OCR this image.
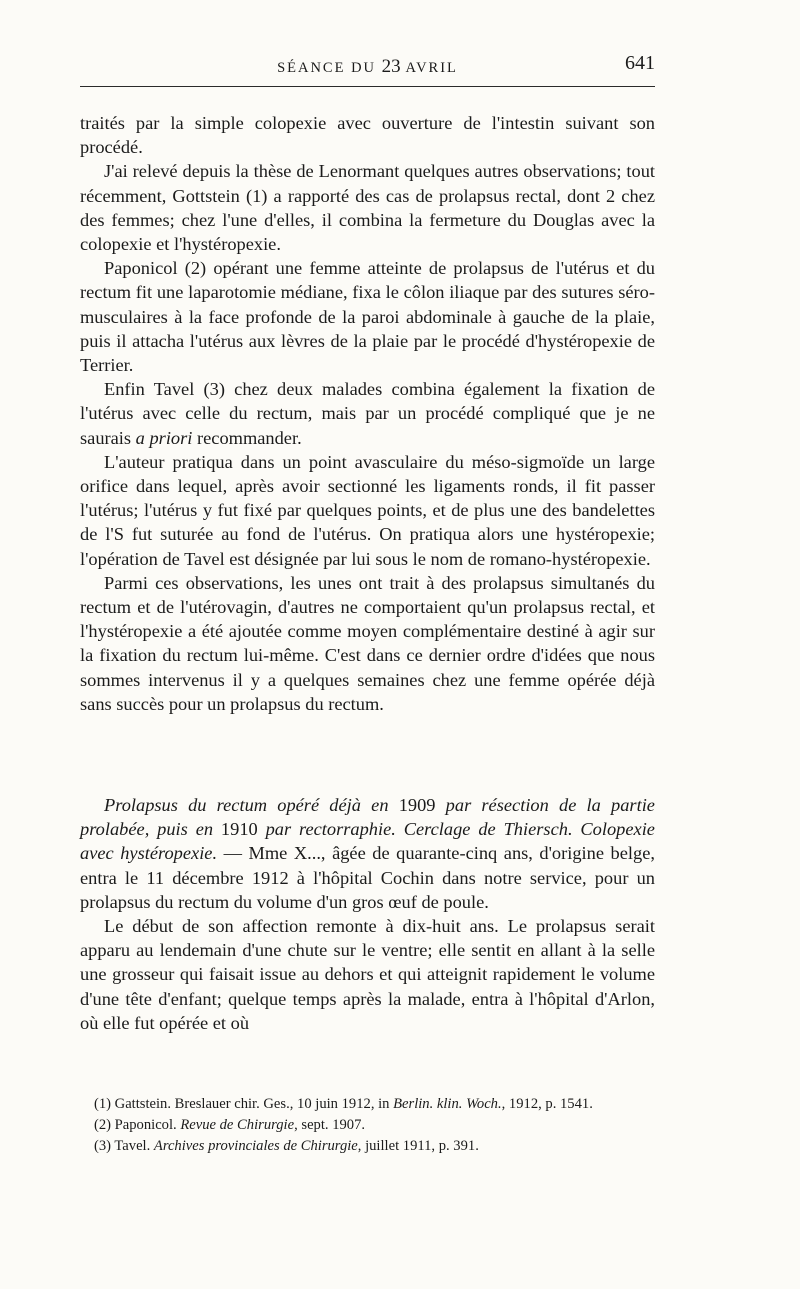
SÉANCE DU 23 AVRIL	641

traités par la simple colopexie avec ouverture de l'intestin suivant son procédé.

J'ai relevé depuis la thèse de Lenormant quelques autres observations; tout récemment, Gottstein (1) a rapporté des cas de prolapsus rectal, dont 2 chez des femmes; chez l'une d'elles, il combina la fermeture du Douglas avec la colopexie et l'hystéropexie.

Paponicol (2) opérant une femme atteinte de prolapsus de l'utérus et du rectum fit une laparotomie médiane, fixa le côlon iliaque par des sutures séro-musculaires à la face profonde de la paroi abdominale à gauche de la plaie, puis il attacha l'utérus aux lèvres de la plaie par le procédé d'hystéropexie de Terrier.

Enfin Tavel (3) chez deux malades combina également la fixation de l'utérus avec celle du rectum, mais par un procédé compliqué que je ne saurais a priori recommander.

L'auteur pratiqua dans un point avasculaire du méso-sigmoïde un large orifice dans lequel, après avoir sectionné les ligaments ronds, il fit passer l'utérus; l'utérus y fut fixé par quelques points, et de plus une des bandelettes de l'S fut suturée au fond de l'utérus. On pratiqua alors une hystéropexie; l'opération de Tavel est désignée par lui sous le nom de romano-hystéropexie.

Parmi ces observations, les unes ont trait à des prolapsus simultanés du rectum et de l'utérovagin, d'autres ne comportaient qu'un prolapsus rectal, et l'hystéropexie a été ajoutée comme moyen complémentaire destiné à agir sur la fixation du rectum lui-même. C'est dans ce dernier ordre d'idées que nous sommes intervenus il y a quelques semaines chez une femme opérée déjà sans succès pour un prolapsus du rectum.

Prolapsus du rectum opéré déjà en 1909 par résection de la partie prolabée, puis en 1910 par rectorraphie. Cerclage de Thiersch. Colopexie avec hystéropexie. — Mme X..., âgée de quarante-cinq ans, d'origine belge, entra le 11 décembre 1912 à l'hôpital Cochin dans notre service, pour un prolapsus du rectum du volume d'un gros œuf de poule.

Le début de son affection remonte à dix-huit ans. Le prolapsus serait apparu au lendemain d'une chute sur le ventre; elle sentit en allant à la selle une grosseur qui faisait issue au dehors et qui atteignit rapidement le volume d'une tête d'enfant; quelque temps après la malade, entra à l'hôpital d'Arlon, où elle fut opérée et où

(1) Gattstein. Breslauer chir. Ges., 10 juin 1912, in Berlin. klin. Woch., 1912, p. 1541.

(2) Paponicol. Revue de Chirurgie, sept. 1907.

(3) Tavel. Archives provinciales de Chirurgie, juillet 1911, p. 391.
